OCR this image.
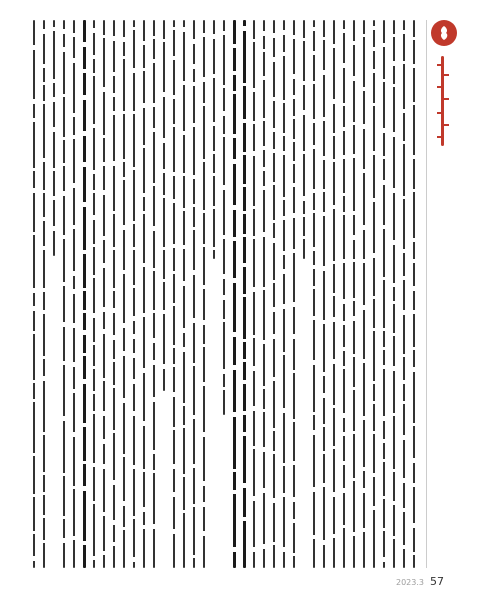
2023.3 57
